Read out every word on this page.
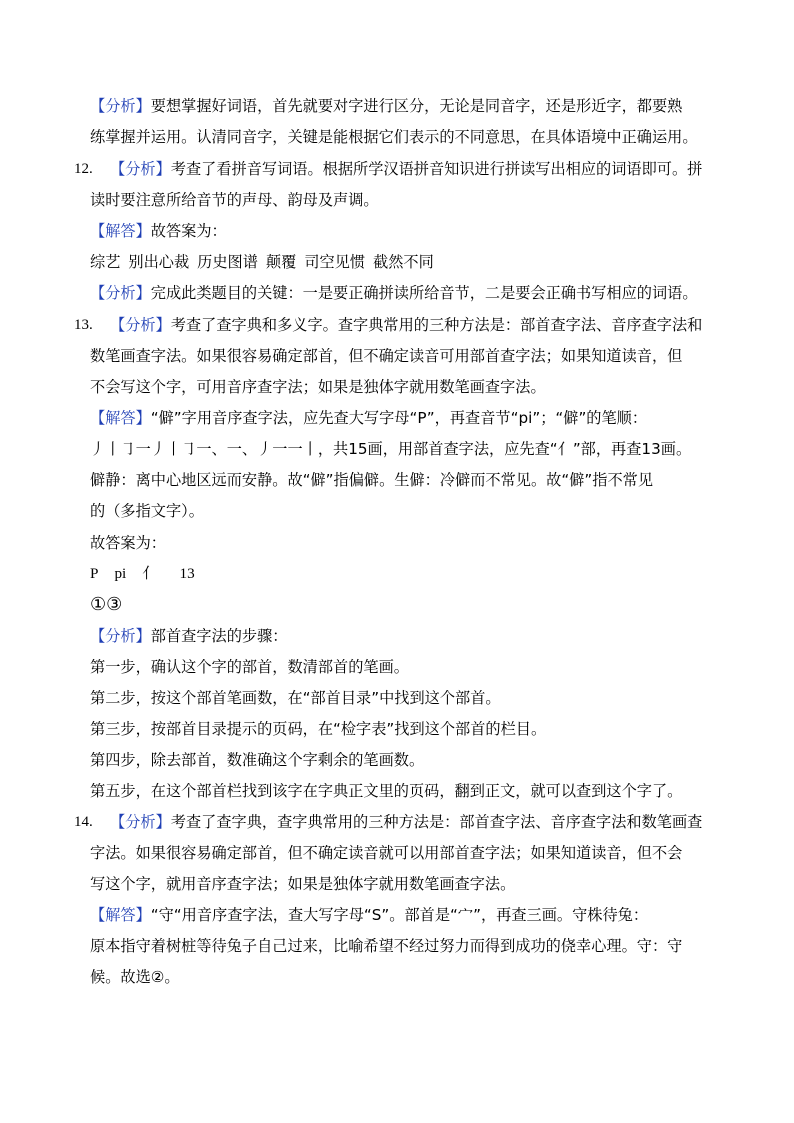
【分析】要想掌握好词语，首先就要对字进行区分，无论是同音字，还是形近字，都要熟
练掌握并运用。认清同音字，关键是能根据它们表示的不同意思，在具体语境中正确运用。
12. 【分析】考查了看拼音写词语。根据所学汉语拼音知识进行拼读写出相应的词语即可。拼
读时要注意所给音节的声母、韵母及声调。
【解答】故答案为：
综艺 别出心裁 历史图谱 颠覆 司空见惯 截然不同
【分析】完成此类题目的关键：一是要正确拼读所给音节，二是要会正确书写相应的词语。
13. 【分析】考查了查字典和多义字。查字典常用的三种方法是：部首查字法、音序查字法和
数笔画查字法。如果很容易确定部首，但不确定读音可用部首查字法；如果知道读音，但
不会写这个字，可用音序查字法；如果是独体字就用数笔画查字法。
【解答】“僻”字用音序查字法，应先查大写字母“P”，再查音节“pi”；“僻”的笔顺：
丿丨㇆一丿丨㇆一、一、丿一一丨，共15画，用部首查字法，应先查“亻”部，再查13画。
僻静：离中心地区远而安静。故“僻”指偏僻。生僻：冷僻而不常见。故“僻”指不常见
的（多指文字）。
故答案为：
P pi 亻 13
①③
【分析】部首查字法的步骤：
第一步，确认这个字的部首，数清部首的笔画。
第二步，按这个部首笔画数，在“部首目录”中找到这个部首。
第三步，按部首目录提示的页码，在“检字表”找到这个部首的栏目。
第四步，除去部首，数准确这个字剩余的笔画数。
第五步，在这个部首栏找到该字在字典正文里的页码，翻到正文，就可以查到这个字了。
14. 【分析】考查了查字典，查字典常用的三种方法是：部首查字法、音序查字法和数笔画查
字法。如果很容易确定部首，但不确定读音就可以用部首查字法；如果知道读音，但不会
写这个字，就用音序查字法；如果是独体字就用数笔画查字法。
【解答】“守“用音序查字法，查大写字母“S”。部首是“宀”，再查三画。守株待兔：
原本指守着树桩等待兔子自己过来，比喻希望不经过努力而得到成功的侥幸心理。守：守
候。故选②。
